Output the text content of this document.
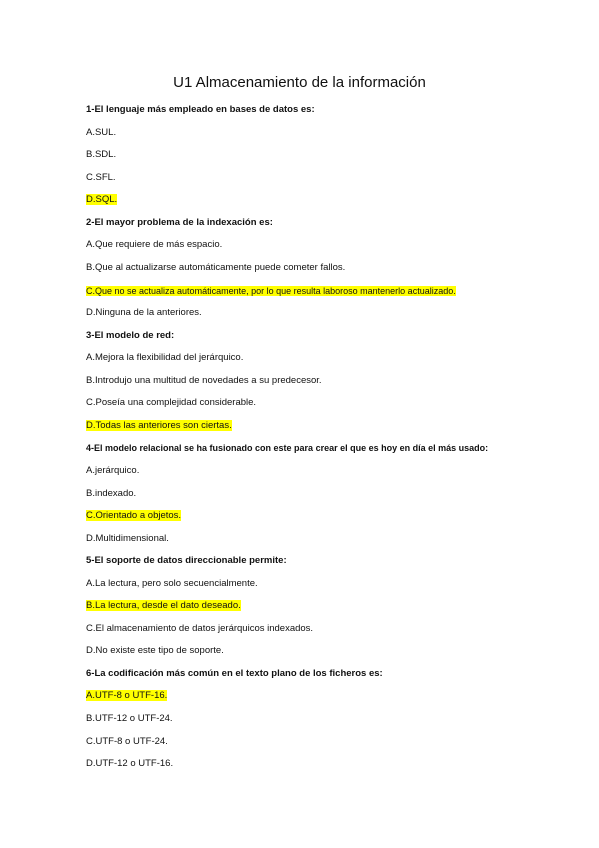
U1 Almacenamiento de la información
1-El lenguaje más empleado en bases de datos es:
A.SUL.
B.SDL.
C.SFL.
D.SQL.
2-El mayor problema de la indexación es:
A.Que requiere de más espacio.
B.Que al actualizarse automáticamente puede cometer fallos.
C.Que no se actualiza automáticamente, por lo que resulta laboroso mantenerlo actualizado.
D.Ninguna de la anteriores.
3-El modelo de red:
A.Mejora la flexibilidad del jerárquico.
B.Introdujo una multitud de novedades a su predecesor.
C.Poseía una complejidad considerable.
D.Todas las anteriores son ciertas.
4-El modelo relacional se ha fusionado con este para crear el que es hoy en día el más usado:
A.jerárquico.
B.indexado.
C.Orientado a objetos.
D.Multidimensional.
5-El soporte de datos direccionable permite:
A.La lectura, pero solo secuencialmente.
B.La lectura, desde el dato deseado.
C.El almacenamiento de datos jerárquicos indexados.
D.No existe este tipo de soporte.
6-La codificación más común en el texto plano de los ficheros es:
A.UTF-8 o UTF-16.
B.UTF-12 o UTF-24.
C.UTF-8 o UTF-24.
D.UTF-12 o UTF-16.
